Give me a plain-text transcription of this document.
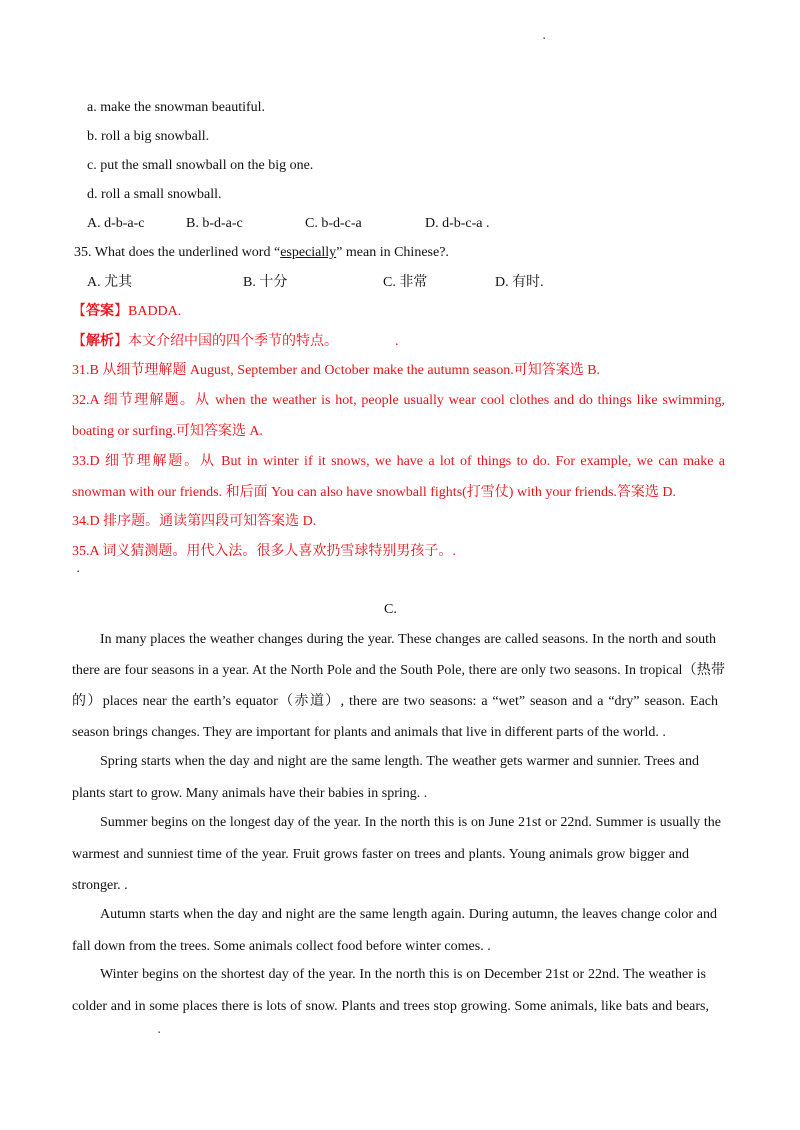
▪
a. make the snowman beautiful.
b. roll a big snowball.
c. put the small snowball on the big one.
d. roll a small snowball.
A. d-b-a-c	B. b-d-a-c	C. b-d-c-a	D. d-b-c-a .
35. What does the underlined word “especially” mean in Chinese?.
A. 尤其	B. 十分	C. 非常	D. 有时.
【答案】BADDA.
【解析】本文介绍中国的四个季节的特点。	.
31.B 从细节理解题 August, September and October make the autumn season.可知答案选 B.
32.A 细节理解题。从 when the weather is hot, people usually wear cool clothes and do things like swimming,
boating or surfing.可知答案选 A.
33.D 细节理解题。从 But in winter if it snows, we have a lot of things to do. For example, we can make a
snowman with our friends. 和后面 You can also have snowball fights(打雪仗) with your friends.答案选 D.
34.D 排序题。通读第四段可知答案选 D.
35.A 词义猜测题。用代入法。很多人喜欢扔雪球特别男孩子。.
▪
C.
In many places the weather changes during the year. These changes are called seasons. In the north and south
there are four seasons in a year. At the North Pole and the South Pole, there are only two seasons. In tropical（热带
的）places near the earth’s equator（赤道）, there are two seasons: a “wet” season and a “dry” season. Each
season brings changes. They are important for plants and animals that live in different parts of the world. .
Spring starts when the day and night are the same length. The weather gets warmer and sunnier. Trees and
plants start to grow. Many animals have their babies in spring. .
Summer begins on the longest day of the year. In the north this is on June 21st or 22nd. Summer is usually the
warmest and sunniest time of the year. Fruit grows faster on trees and plants. Young animals grow bigger and
stronger. .
Autumn starts when the day and night are the same length again. During autumn, the leaves change color and
fall down from the trees. Some animals collect food before winter comes. .
Winter begins on the shortest day of the year. In the north this is on December 21st or 22nd. The weather is
colder and in some places there is lots of snow. Plants and trees stop growing. Some animals, like bats and bears,
▪
